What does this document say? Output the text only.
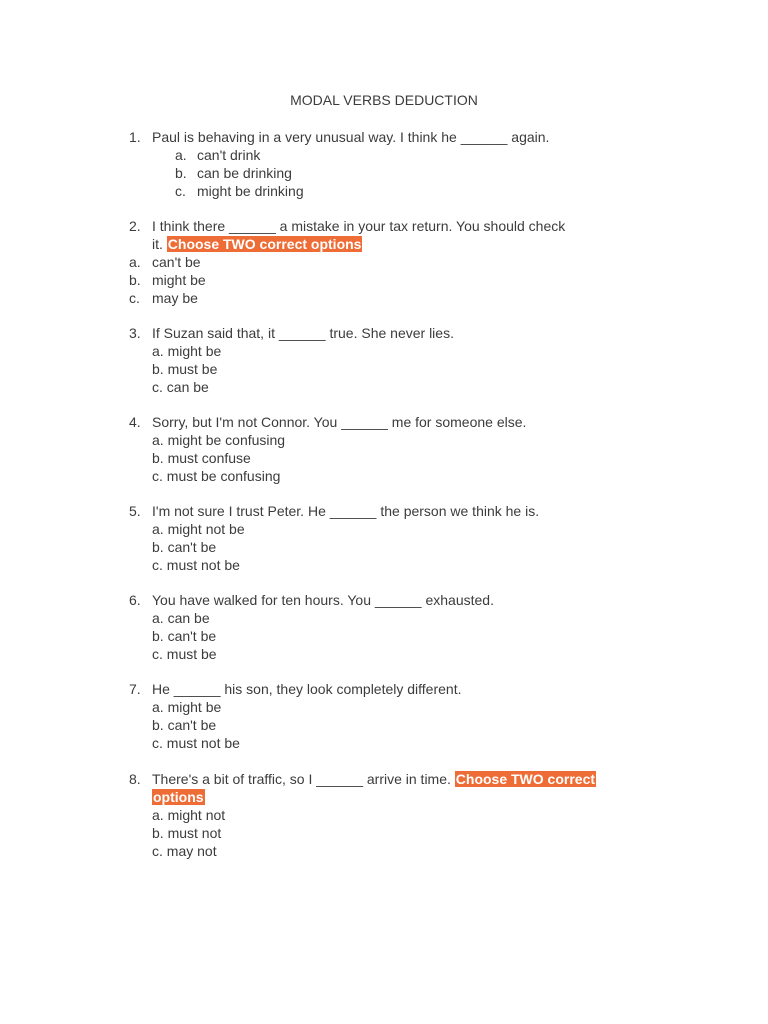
MODAL VERBS DEDUCTION
1. Paul is behaving in a very unusual way. I think he ______ again.
a. can't drink
b. can be drinking
c. might be drinking
2. I think there ______ a mistake in your tax return. You should check
it. Choose TWO correct options
a. can't be
b. might be
c. may be
3. If Suzan said that, it ______ true. She never lies.
a. might be
b. must be
c. can be
4. Sorry, but I'm not Connor. You ______ me for someone else.
a. might be confusing
b. must confuse
c. must be confusing
5. I'm not sure I trust Peter. He ______ the person we think he is.
a. might not be
b. can't be
c. must not be
6. You have walked for ten hours. You ______ exhausted.
a. can be
b. can't be
c. must be
7. He ______ his son, they look completely different.
a. might be
b. can't be
c. must not be
8. There's a bit of traffic, so I ______ arrive in time. Choose TWO correct
options
a. might not
b. must not
c. may not
